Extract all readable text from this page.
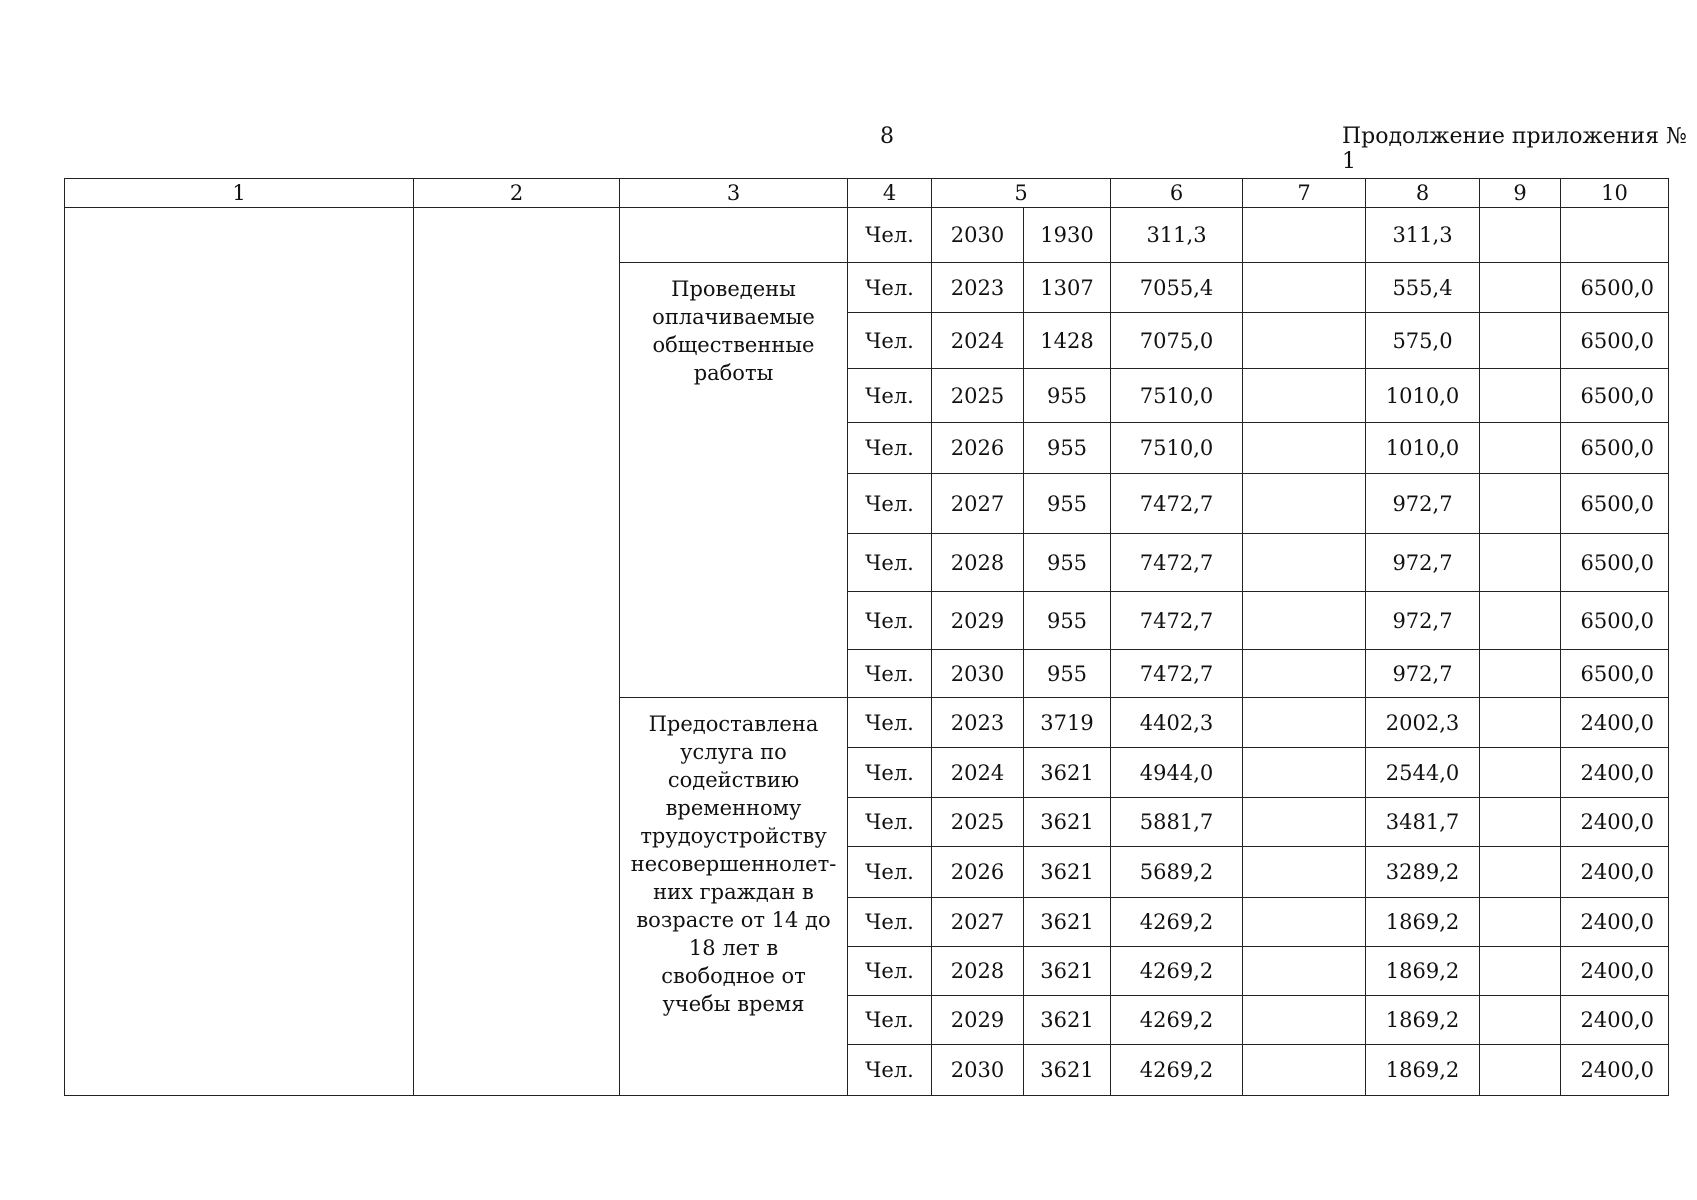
8	Продолжение приложения № 1
1	2	3	4	5		6	7	8	9	10
			Чел.	2030	1930	311,3		311,3		
		Проведены оплачиваемые общественные работы	Чел.	2023	1307	7055,4		555,4		6500,0
			Чел.	2024	1428	7075,0		575,0		6500,0
			Чел.	2025	955	7510,0		1010,0		6500,0
			Чел.	2026	955	7510,0		1010,0		6500,0
			Чел.	2027	955	7472,7		972,7		6500,0
			Чел.	2028	955	7472,7		972,7		6500,0
			Чел.	2029	955	7472,7		972,7		6500,0
			Чел.	2030	955	7472,7		972,7		6500,0
		Предоставлена услуга по содействию временному трудоустройству несовершеннолет-них граждан в возрасте от 14 до 18 лет в свободное от учебы время	Чел.	2023	3719	4402,3		2002,3		2400,0
			Чел.	2024	3621	4944,0		2544,0		2400,0
			Чел.	2025	3621	5881,7		3481,7		2400,0
			Чел.	2026	3621	5689,2		3289,2		2400,0
			Чел.	2027	3621	4269,2		1869,2		2400,0
			Чел.	2028	3621	4269,2		1869,2		2400,0
			Чел.	2029	3621	4269,2		1869,2		2400,0
			Чел.	2030	3621	4269,2		1869,2		2400,0
